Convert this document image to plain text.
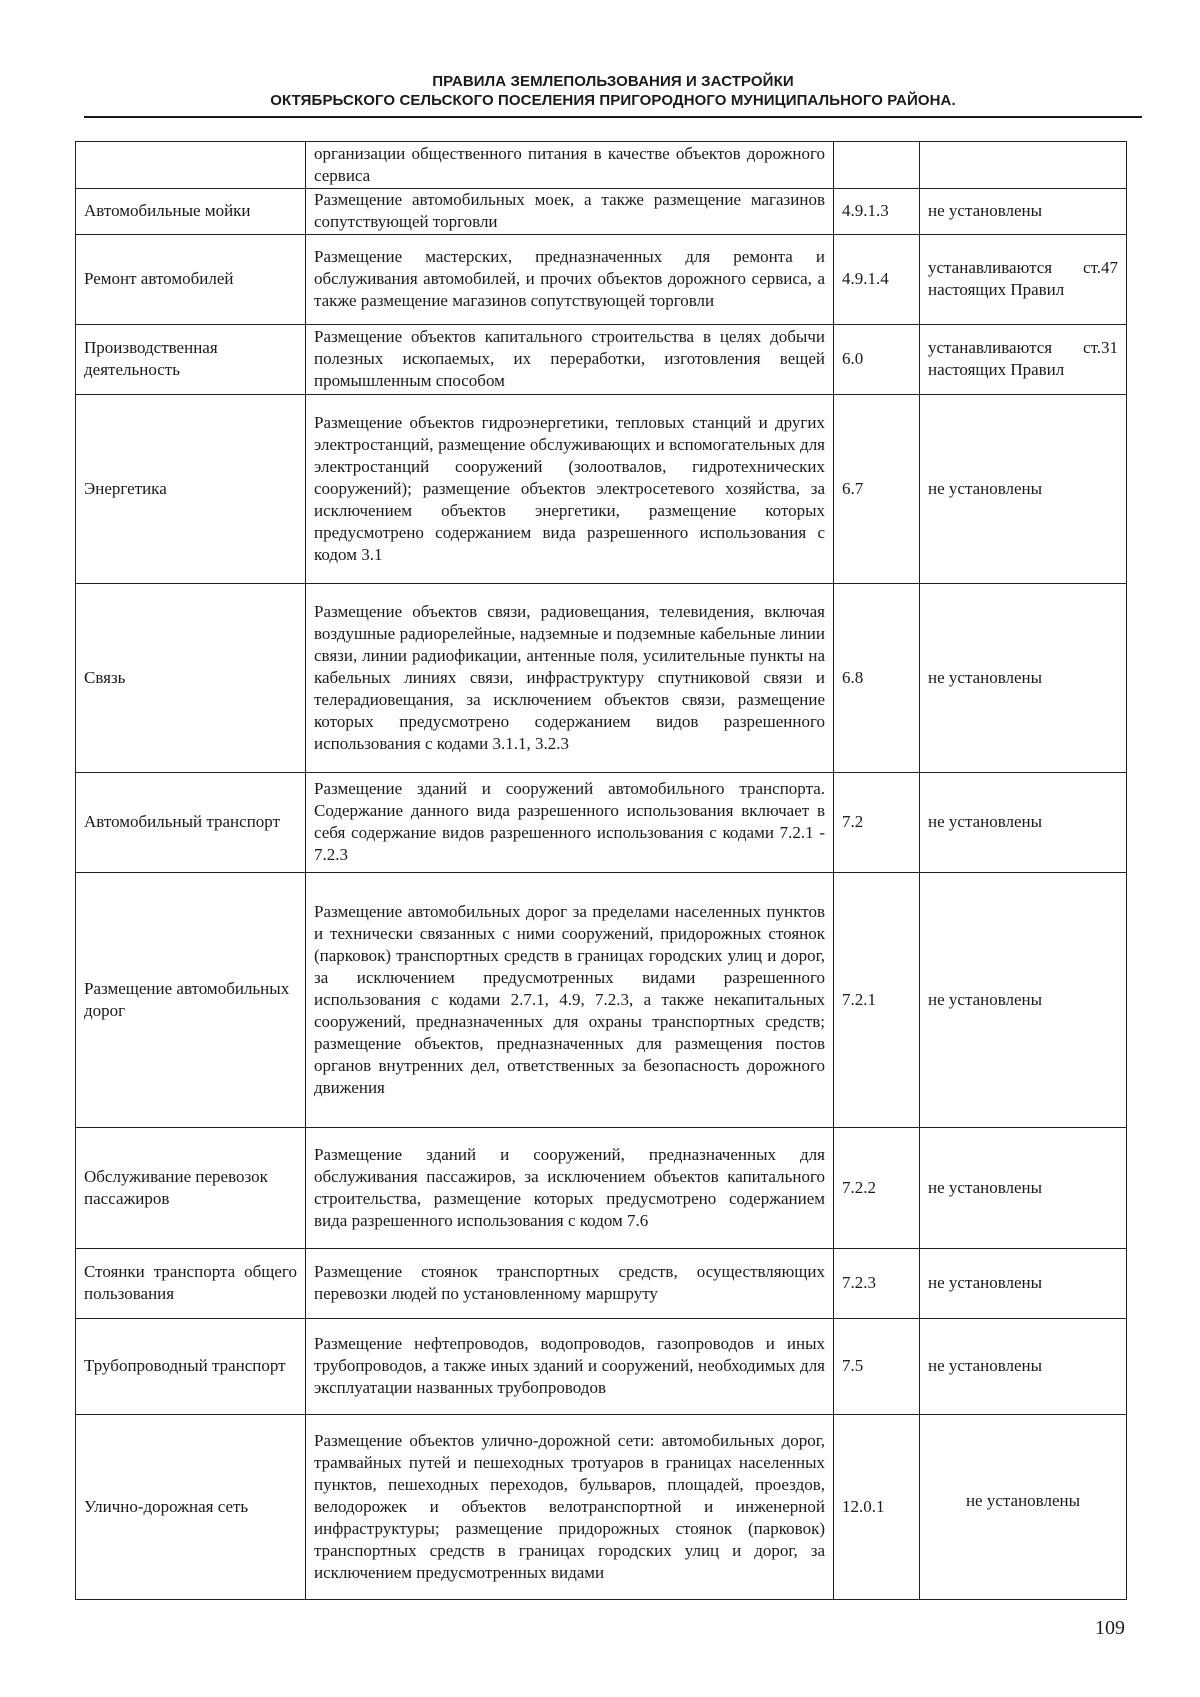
ПРАВИЛА ЗЕМЛЕПОЛЬЗОВАНИЯ И ЗАСТРОЙКИ
ОКТЯБРЬСКОГО СЕЛЬСКОГО ПОСЕЛЕНИЯ ПРИГОРОДНОГО МУНИЦИПАЛЬНОГО РАЙОНА.
	организации общественного питания в качестве объектов дорожного сервиса		
Автомобильные мойки	Размещение автомобильных моек, а также размещение магазинов сопутствующей торговли	4.9.1.3	не установлены
Ремонт автомобилей	Размещение мастерских, предназначенных для ремонта и обслуживания автомобилей, и прочих объектов дорожного сервиса, а также размещение магазинов сопутствующей торговли	4.9.1.4	устанавливаются ст.47 настоящих Правил
Производственная деятельность	Размещение объектов капитального строительства в целях добычи полезных ископаемых, их переработки, изготовления вещей промышленным способом	6.0	устанавливаются ст.31 настоящих Правил
Энергетика	Размещение объектов гидроэнергетики, тепловых станций и других электростанций, размещение обслуживающих и вспомогательных для электростанций сооружений (золоотвалов, гидротехнических сооружений); размещение объектов электросетевого хозяйства, за исключением объектов энергетики, размещение которых предусмотрено содержанием вида разрешенного использования с кодом 3.1	6.7	не установлены
Связь	Размещение объектов связи, радиовещания, телевидения, включая воздушные радиорелейные, надземные и подземные кабельные линии связи, линии радиофикации, антенные поля, усилительные пункты на кабельных линиях связи, инфраструктуру спутниковой связи и телерадиовещания, за исключением объектов связи, размещение которых предусмотрено содержанием видов разрешенного использования с кодами 3.1.1, 3.2.3	6.8	не установлены
Автомобильный транспорт	Размещение зданий и сооружений автомобильного транспорта. Содержание данного вида разрешенного использования включает в себя содержание видов разрешенного использования с кодами 7.2.1 - 7.2.3	7.2	не установлены
Размещение автомобильных дорог	Размещение автомобильных дорог за пределами населенных пунктов и технически связанных с ними сооружений, придорожных стоянок (парковок) транспортных средств в границах городских улиц и дорог, за исключением предусмотренных видами разрешенного использования с кодами 2.7.1, 4.9, 7.2.3, а также некапитальных сооружений, предназначенных для охраны транспортных средств; размещение объектов, предназначенных для размещения постов органов внутренних дел, ответственных за безопасность дорожного движения	7.2.1	не установлены
Обслуживание перевозок пассажиров	Размещение зданий и сооружений, предназначенных для обслуживания пассажиров, за исключением объектов капитального строительства, размещение которых предусмотрено содержанием вида разрешенного использования с кодом 7.6	7.2.2	не установлены
Стоянки транспорта общего пользования	Размещение стоянок транспортных средств, осуществляющих перевозки людей по установленному маршруту	7.2.3	не установлены
Трубопроводный транспорт	Размещение нефтепроводов, водопроводов, газопроводов и иных трубопроводов, а также иных зданий и сооружений, необходимых для эксплуатации названных трубопроводов	7.5	не установлены
Улично-дорожная сеть	Размещение объектов улично-дорожной сети: автомобильных дорог, трамвайных путей и пешеходных тротуаров в границах населенных пунктов, пешеходных переходов, бульваров, площадей, проездов, велодорожек и объектов велотранспортной и инженерной инфраструктуры; размещение придорожных стоянок (парковок) транспортных средств в границах городских улиц и дорог, за исключением предусмотренных видами	12.0.1	не установлены
109
